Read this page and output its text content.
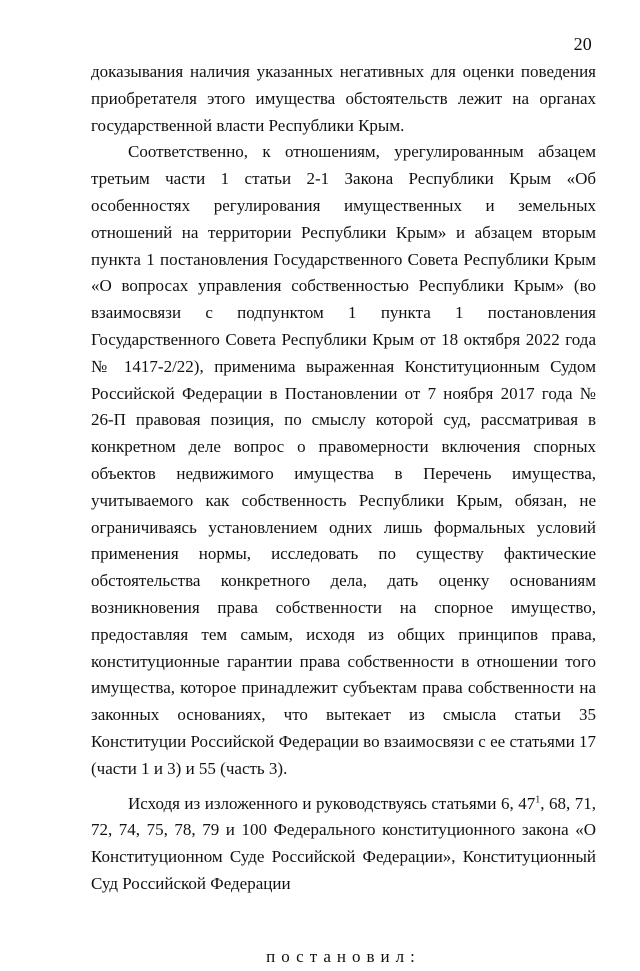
20

доказывания наличия указанных негативных для оценки поведения приобретателя этого имущества обстоятельств лежит на органах государственной власти Республики Крым.

Соответственно, к отношениям, урегулированным абзацем третьим части 1 статьи 2-1 Закона Республики Крым «Об особенностях регулирования имущественных и земельных отношений на территории Республики Крым» и абзацем вторым пункта 1 постановления Государственного Совета Республики Крым «О вопросах управления собственностью Республики Крым» (во взаимосвязи с подпунктом 1 пункта 1 постановления Государственного Совета Республики Крым от 18 октября 2022 года № 1417-2/22), применима выраженная Конституционным Судом Российской Федерации в Постановлении от 7 ноября 2017 года № 26-П правовая позиция, по смыслу которой суд, рассматривая в конкретном деле вопрос о правомерности включения спорных объектов недвижимого имущества в Перечень имущества, учитываемого как собственность Республики Крым, обязан, не ограничиваясь установлением одних лишь формальных условий применения нормы, исследовать по существу фактические обстоятельства конкретного дела, дать оценку основаниям возникновения права собственности на спорное имущество, предоставляя тем самым, исходя из общих принципов права, конституционные гарантии права собственности в отношении того имущества, которое принадлежит субъектам права собственности на законных основаниях, что вытекает из смысла статьи 35 Конституции Российской Федерации во взаимосвязи с ее статьями 17 (части 1 и 3) и 55 (часть 3).

Исходя из изложенного и руководствуясь статьями 6, $47^1$, 68, 71, 72, 74, 75, 78, 79 и 100 Федерального конституционного закона «О Конституционном Суде Российской Федерации», Конституционный Суд Российской Федерации

постановил:
